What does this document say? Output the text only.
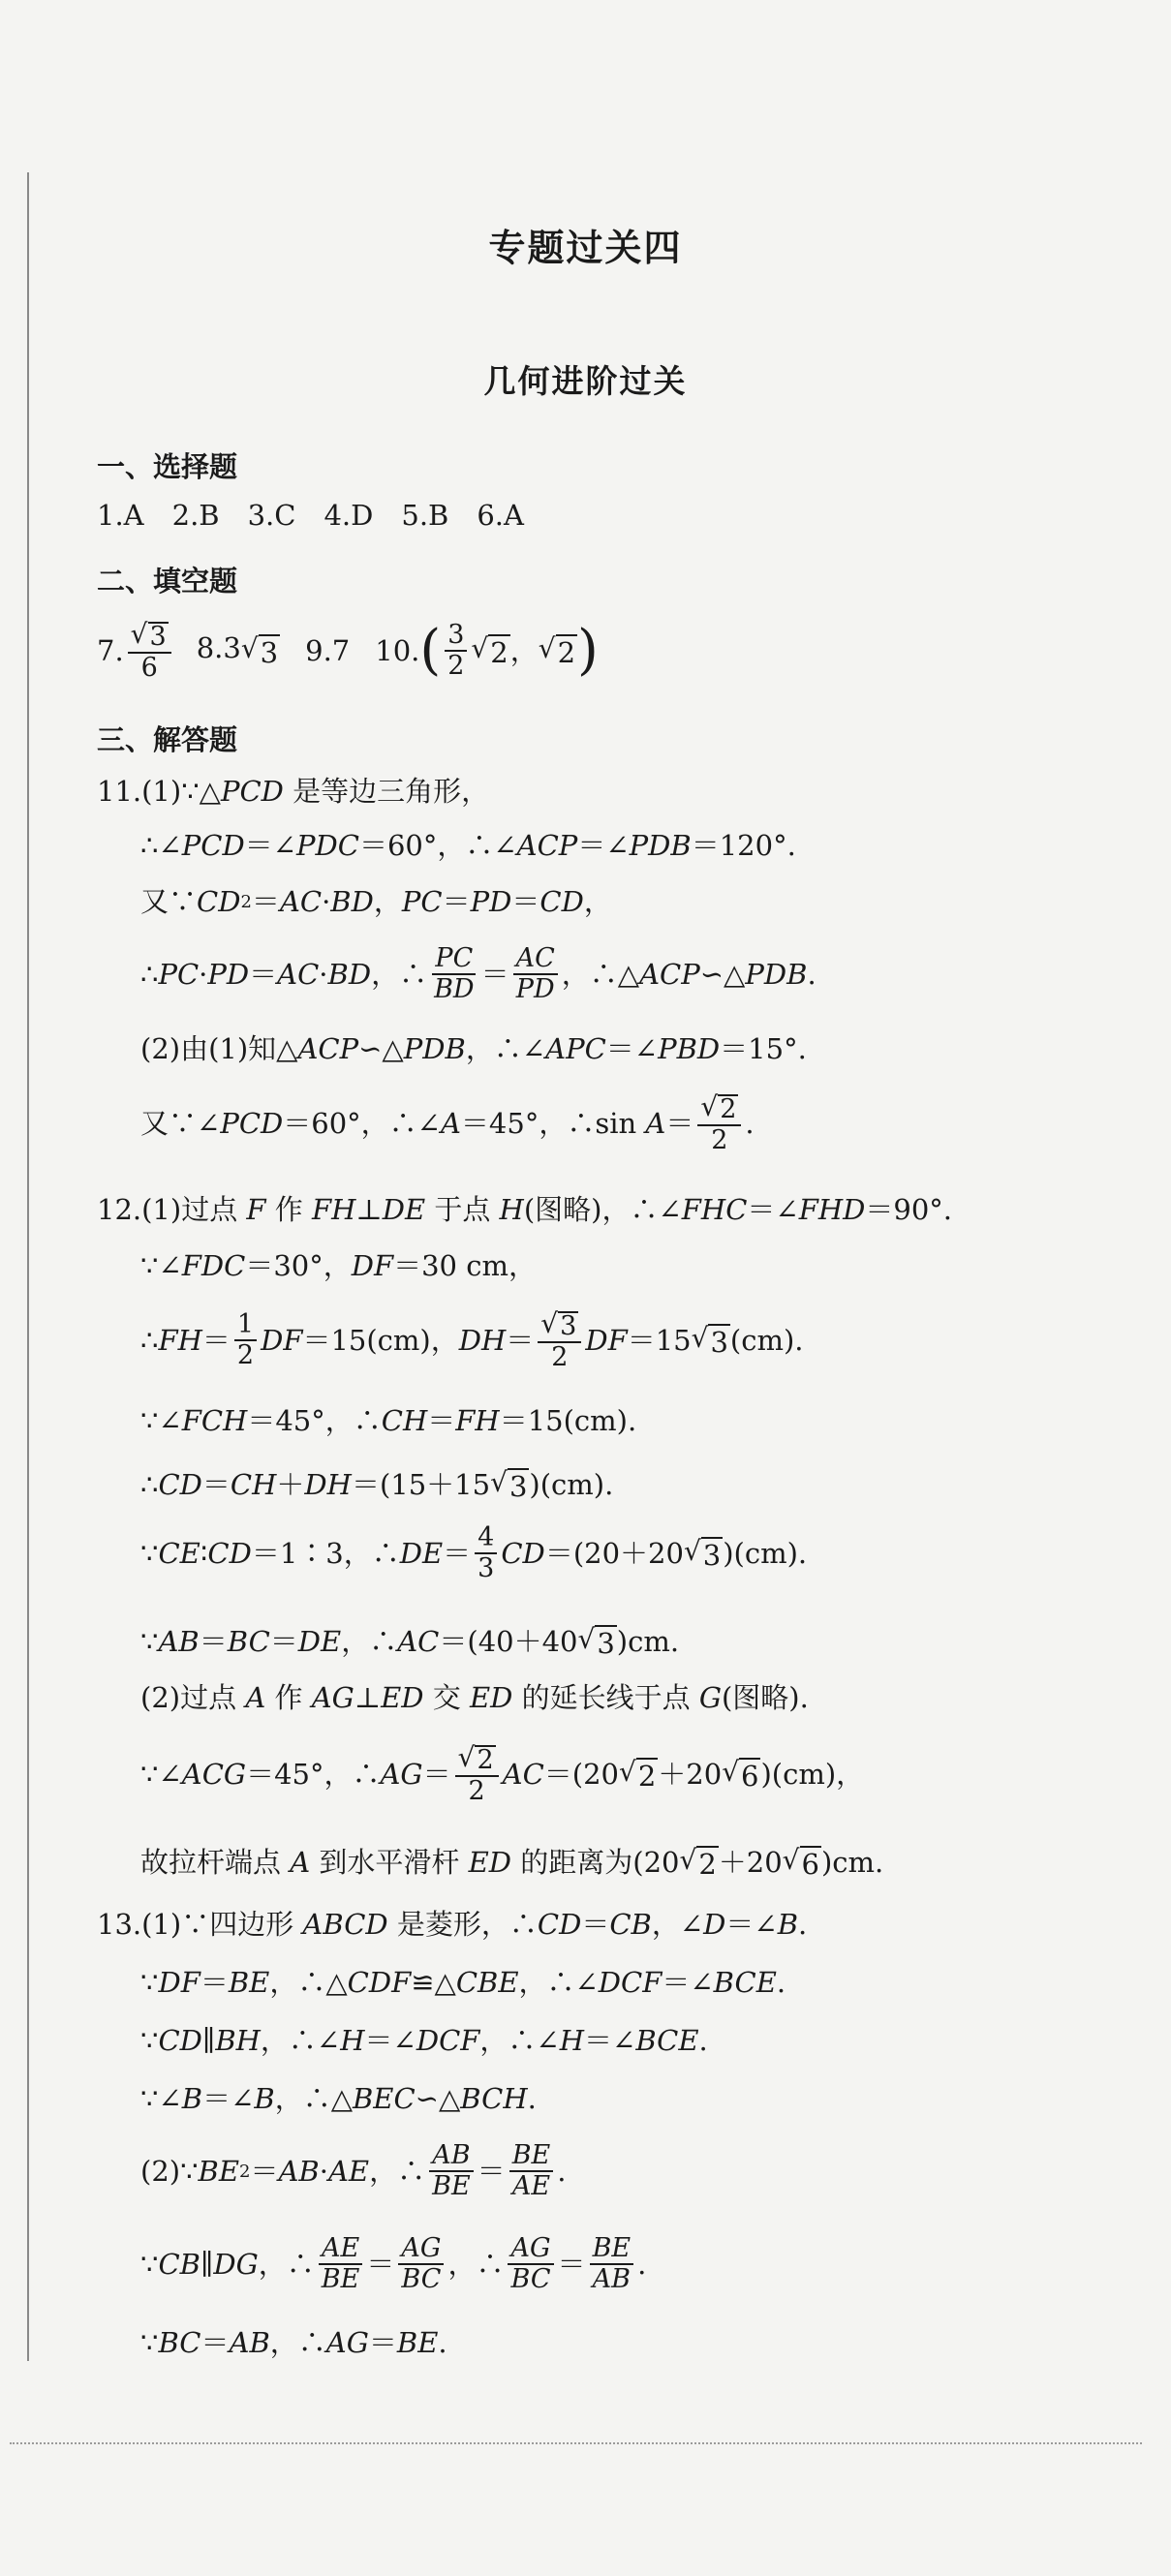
专题过关四
几何进阶过关
一、选择题
1.A　2.B　3.C　4.D　5.B　6.A
二、填空题
7. $\frac{√ 3}{6} 8.3$ √ 3 9.7 10. ( $\frac{3}{2}$ √ 2 ， √ 2 )
三、解答题
11.(1)∵△ PCD 是等边三角形，
∴∠ PCD ＝∠ PDC ＝60°，∴∠ ACP ＝∠ PDB ＝120°.
又∵ CD 2 ＝ AC · BD ， PC ＝ PD ＝ CD ，
∴ PC · PD ＝ AC · BD ，∴ $\frac{PC}{BD} = \frac{AC}{PD}$ ，∴△ ACP ∽△ PDB .
(2)由(1)知△ ACP ∽△ PDB ，∴∠ APC ＝∠ PBD ＝15°.
又∵∠ PCD ＝60°，∴∠ A ＝45°，∴sin $A = \frac{√ 2}{2}$ .
12.(1)过点 F 作 FH ⊥ DE 于点 H (图略)，∴∠ FHC ＝∠ FHD ＝90°.
∵∠ FDC ＝30°， DF ＝30 cm，
∴ FH ＝ $\frac{1}{2}$ DF ＝15(cm)， DH ＝ $\frac{√ 3}{2}$ DF ＝15 √ 3 (cm).
∵∠ FCH ＝45°，∴ CH ＝ FH ＝15(cm).
∴ CD ＝ CH ＋ DH ＝(15＋15 √ 3 )(cm).
∵ CE ∶ CD ＝1∶3，∴ DE ＝ $\frac{4}{3}$ CD ＝(20＋20 √ 3 )(cm).
∵ AB ＝ BC ＝ DE ，∴ AC ＝(40＋40 √ 3 )cm.
(2)过点 A 作 AG ⊥ ED 交 ED 的延长线于点 G (图略).
∵∠ ACG ＝45°，∴ AG ＝ $\frac{√ 2}{2}$ AC ＝(20 √ 2 ＋20 √ 6 )(cm)，
故拉杆端点 A 到水平滑杆 ED 的距离为(20 √ 2 ＋20 √ 6 )cm.
13.(1)∵四边形 ABCD 是菱形，∴ CD ＝ CB ，∠ D ＝∠ B .
∵ DF ＝ BE ，∴△ CDF ≌△ CBE ，∴∠ DCF ＝∠ BCE .
∵ CD ∥ BH ，∴∠ H ＝∠ DCF ，∴∠ H ＝∠ BCE .
∵∠ B ＝∠ B ，∴△ BEC ∽△ BCH .
(2)∵ BE 2 ＝ AB · AE ，∴ $\frac{AB}{BE} = \frac{BE}{AE}$ .
∵ CB ∥ DG ，∴ $\frac{AE}{BE} = \frac{AG}{BC}$ ，∴ $\frac{AG}{BC} = \frac{BE}{AB}$ .
∵ BC ＝ AB ，∴ AG ＝ BE .
